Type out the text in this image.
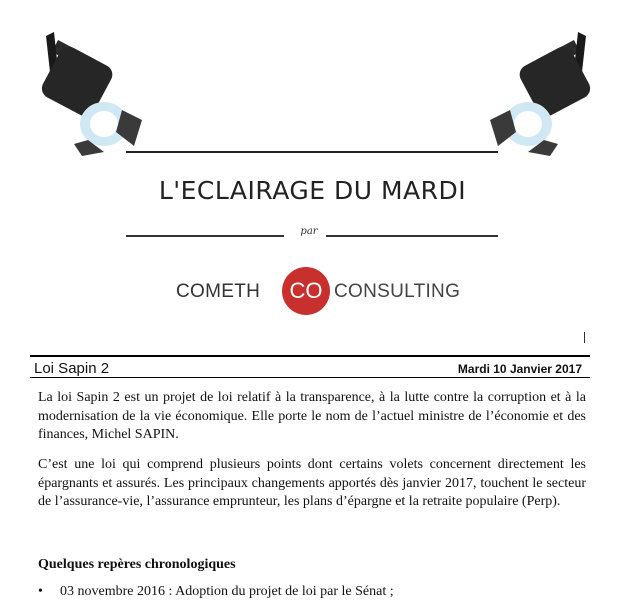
L'ECLAIRAGE DU MARDI
par
COMETH	CO CONSULTING
Loi Sapin 2	Mardi 10 Janvier 2017

La loi Sapin 2 est un projet de loi relatif à la transparence, à la lutte contre la corruption et à la modernisation de la vie économique. Elle porte le nom de l’actuel ministre de l’économie et des finances, Michel SAPIN.

C’est une loi qui comprend plusieurs points dont certains volets concernent directement les épargnants et assurés. Les principaux changements apportés dès janvier 2017, touchent le secteur de l’assurance-vie, l’assurance emprunteur, les plans d’épargne et la retraite populaire (Perp).

Quelques repères chronologiques

• 03 novembre 2016 : Adoption du projet de loi par le Sénat ;
